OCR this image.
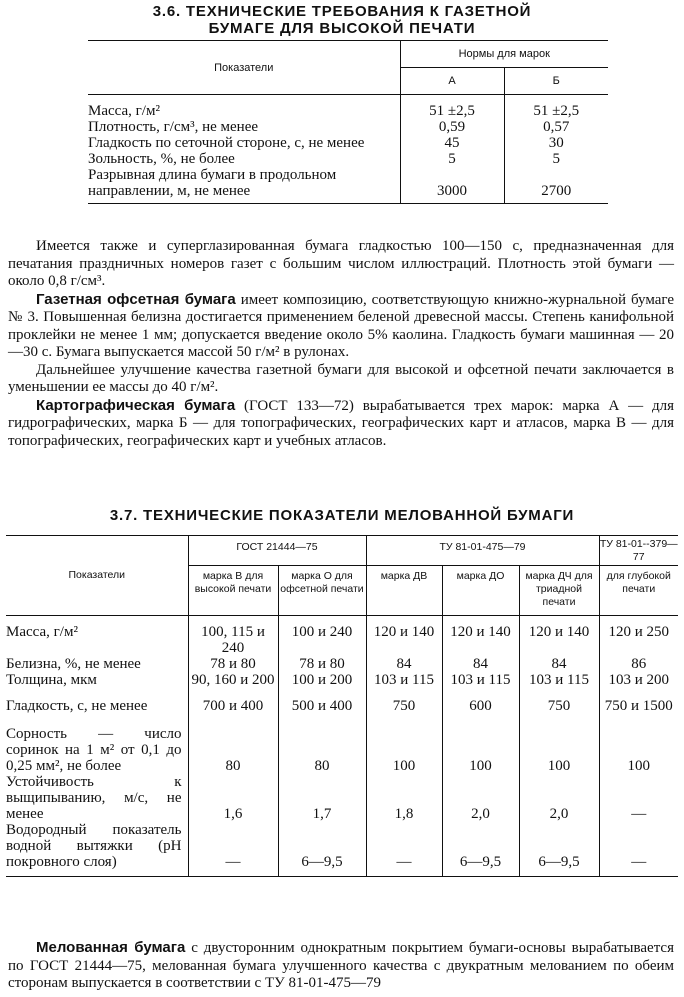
3.6. ТЕХНИЧЕСКИЕ ТРЕБОВАНИЯ К ГАЗЕТНОЙ
БУМАГЕ ДЛЯ ВЫСОКОЙ ПЕЧАТИ
Показатели	Нормы для марок	
	А	Б

Масса, г/м²	51 ±2,5	51 ±2,5
Плотность, г/см³, не менее	0,59	0,57
Гладкость по сеточной стороне, с, не менее	45	30
Зольность, %, не более	5	5
Разрывная длина бумаги в продольном направлении, м, не менее	3000	2700

Имеется также и суперглазированная бумага гладкостью 100—150 с, предназначенная для печатания праздничных номеров газет с большим числом иллюстраций. Плотность этой бумаги — около 0,8 г/см³.

Газетная офсетная бумага имеет композицию, соответствующую книжно-журнальной бумаге № 3. Повышенная белизна достигается применением беленой древесной массы. Степень канифольной проклейки не менее 1 мм; допускается введение около 5% каолина. Гладкость бумаги машинная — 20—30 с. Бумага выпускается массой 50 г/м² в рулонах.

Дальнейшее улучшение качества газетной бумаги для высокой и офсетной печати заключается в уменьшении ее массы до 40 г/м².

Картографическая бумага (ГОСТ 133—72) вырабатывается трех марок: марка А — для гидрографических, марка Б — для топографических, географических карт и атласов, марка В — для топографических, географических карт и учебных атласов.

3.7. ТЕХНИЧЕСКИЕ ПОКАЗАТЕЛИ МЕЛОВАННОЙ БУМАГИ
Показатели	ГОСТ 21444—75		ТУ 81-01-475—79			ТУ 81-01--379—77
	марка В для высокой печати	марка О для офсетной печати	марка ДВ	марка ДО	марка ДЧ для триадной печати	для глубокой печати

Масса, г/м²	100, 115 и 240	100 и 240	120 и 140	120 и 140	120 и 140	120 и 250
Белизна, %, не менее	78 и 80	78 и 80	84	84	84	86
Толщина, мкм	90, 160 и 200	100 и 200	103 и 115	103 и 115	103 и 115	103 и 200
Гладкость, с, не менее	700 и 400	500 и 400	750	600	750	750 и 1500
Сорность — число соринок на 1 м² от 0,1 до 0,25 мм², не более	80	80	100	100	100	100
Устойчивость к выщипыванию, м/с, не менее	1,6	1,7	1,8	2,0	2,0	—
Водородный показатель водной вытяжки (pH покровного слоя)	—	6—9,5	—	6—9,5	6—9,5	—

Мелованная бумага с двусторонним однократным покрытием бумаги-основы вырабатывается по ГОСТ 21444—75, мелованная бумага улучшенного качества с двукратным мелованием по обеим сторонам выпускается в соответствии с ТУ 81-01-475—79
